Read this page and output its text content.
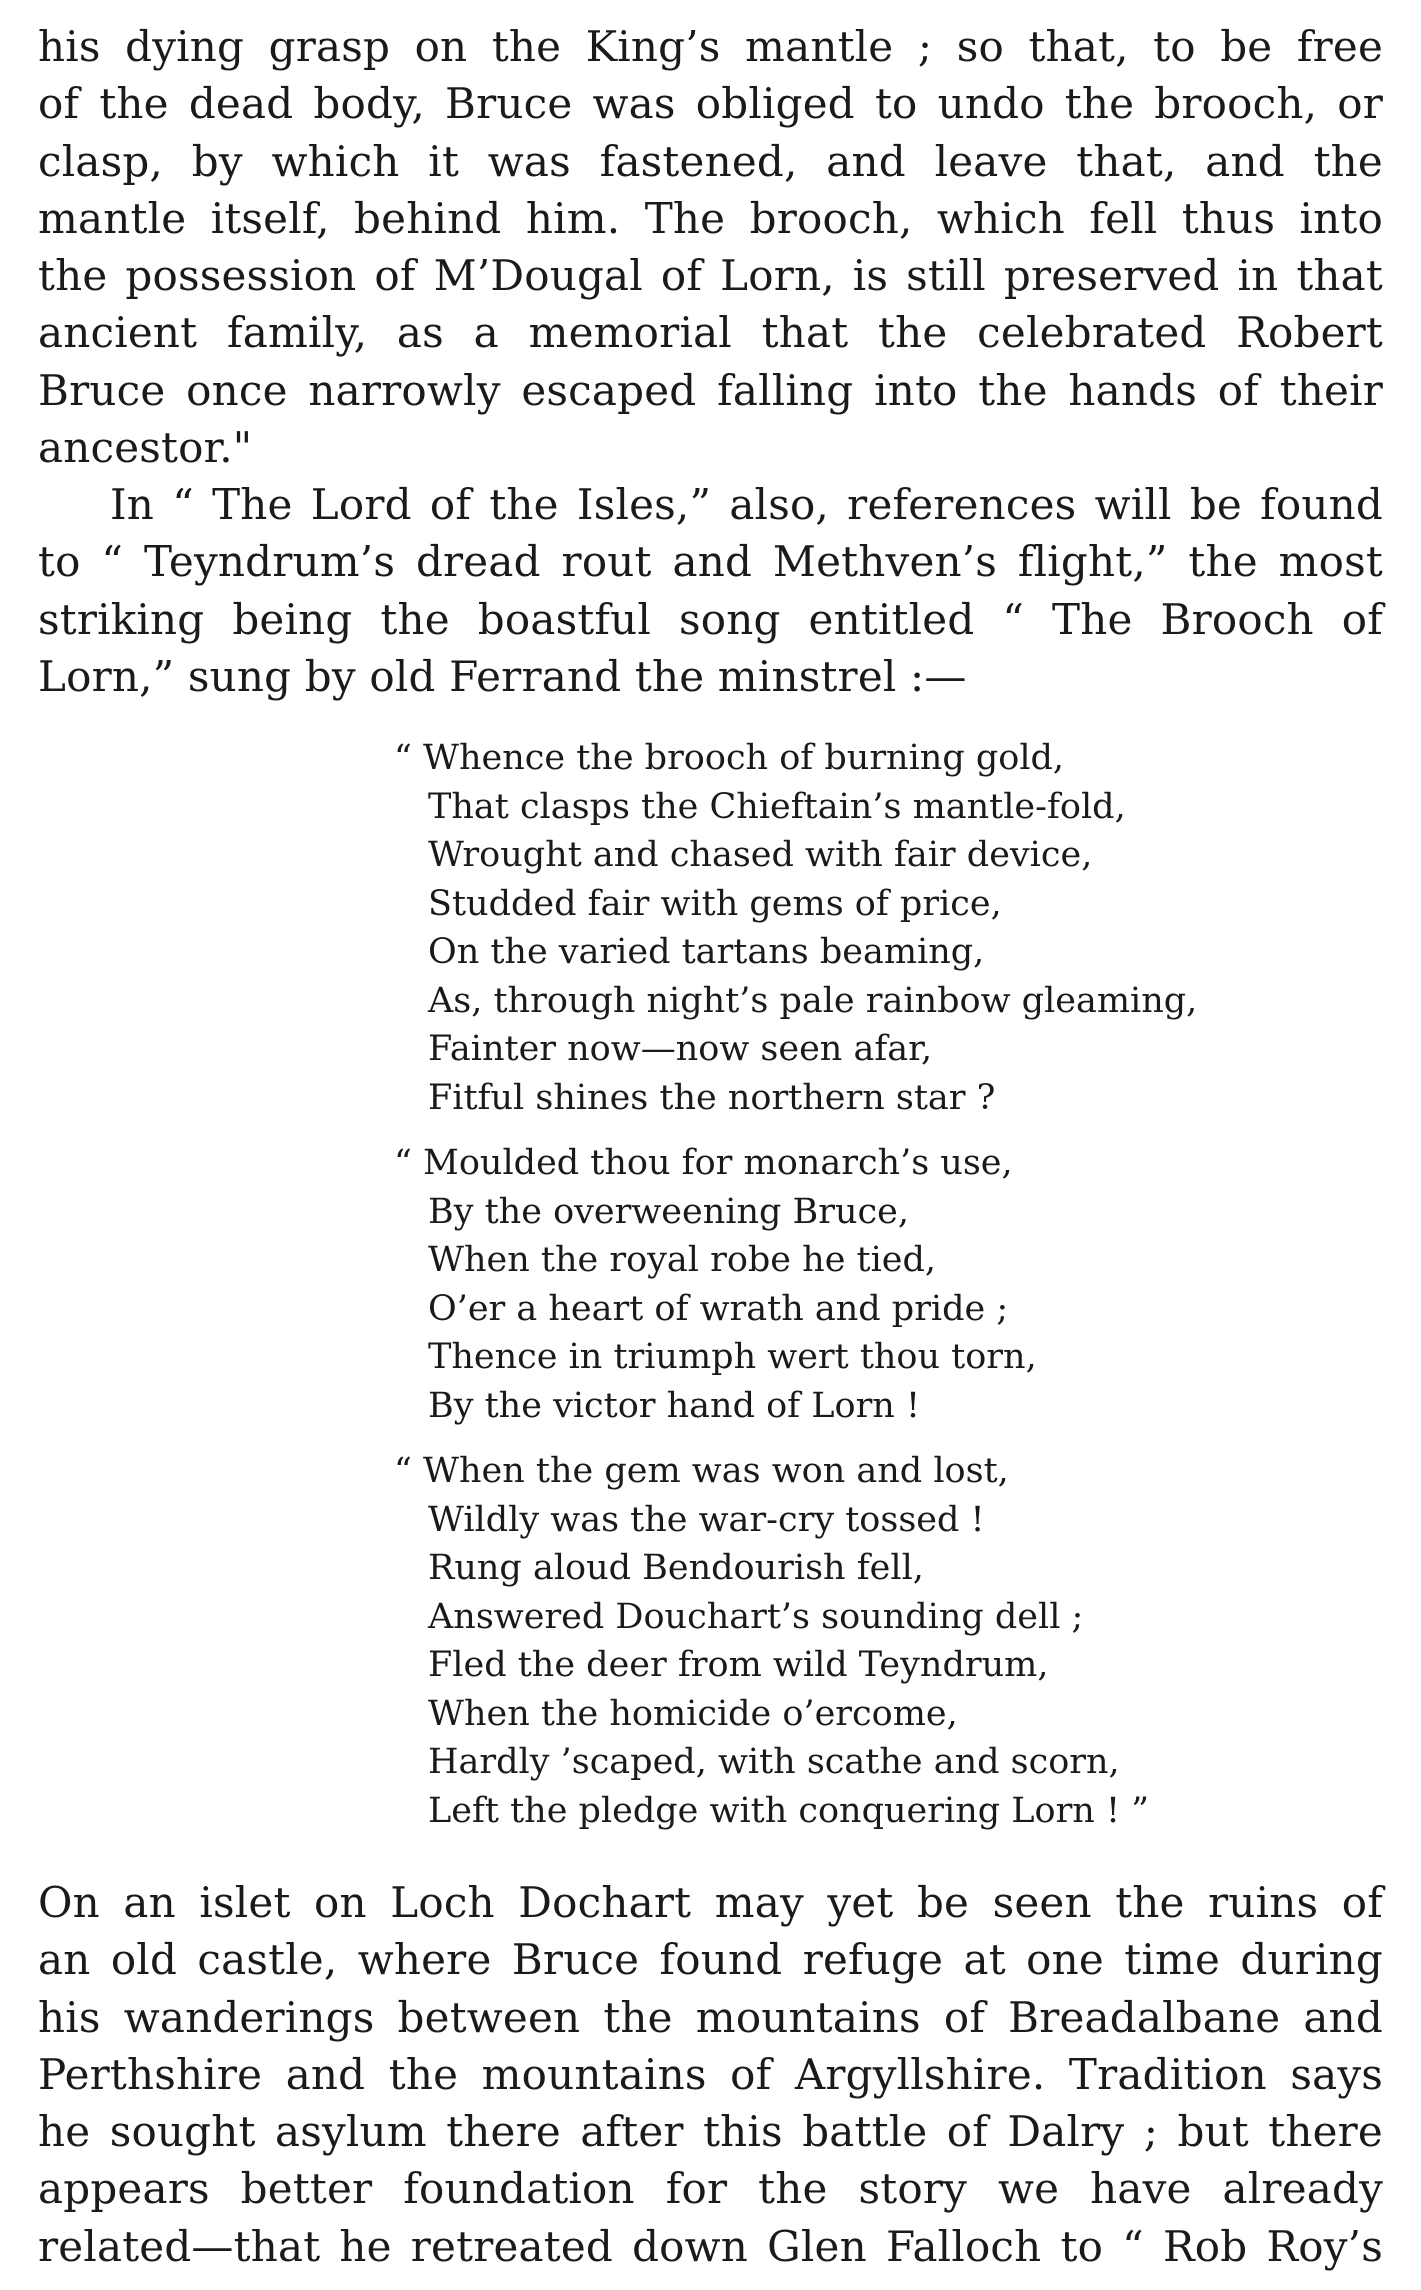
his dying grasp on the King’s mantle ; so that, to be free
of the dead body, Bruce was obliged to undo the brooch, or
clasp, by which it was fastened, and leave that, and the
mantle itself, behind him. The brooch, which fell thus into
the possession of M’Dougal of Lorn, is still preserved in that
ancient family, as a memorial that the celebrated Robert
Bruce once narrowly escaped falling into the hands of their
ancestor."
In “ The Lord of the Isles,” also, references will be found
to “ Teyndrum’s dread rout and Methven’s flight,” the most
striking being the boastful song entitled “ The Brooch of
Lorn,” sung by old Ferrand the minstrel :—
“ Whence the brooch of burning gold,
That clasps the Chieftain’s mantle-fold,
Wrought and chased with fair device,
Studded fair with gems of price,
On the varied tartans beaming,
As, through night’s pale rainbow gleaming,
Fainter now—now seen afar,
Fitful shines the northern star ?
“ Moulded thou for monarch’s use,
By the overweening Bruce,
When the royal robe he tied,
O’er a heart of wrath and pride ;
Thence in triumph wert thou torn,
By the victor hand of Lorn !
“ When the gem was won and lost,
Wildly was the war-cry tossed !
Rung aloud Bendourish fell,
Answered Douchart’s sounding dell ;
Fled the deer from wild Teyndrum,
When the homicide o’ercome,
Hardly ’scaped, with scathe and scorn,
Left the pledge with conquering Lorn ! ”
On an islet on Loch Dochart may yet be seen the ruins of
an old castle, where Bruce found refuge at one time during
his wanderings between the mountains of Breadalbane and
Perthshire and the mountains of Argyllshire. Tradition says
he sought asylum there after this battle of Dalry ; but there
appears better foundation for the story we have already
related—that he retreated down Glen Falloch to “ Rob Roy’s
